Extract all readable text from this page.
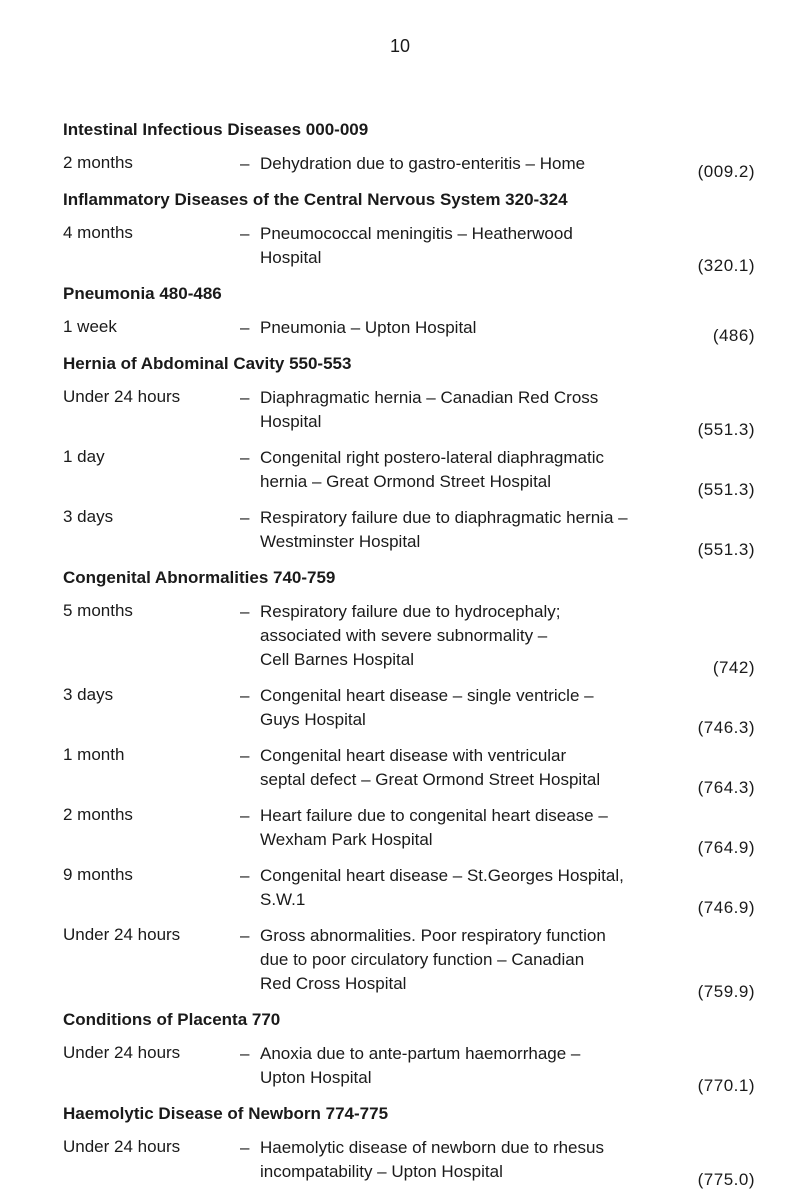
10
Intestinal Infectious Diseases 000-009
2 months	– Dehydration due to gastro-enteritis – Home	(009.2)
Inflammatory Diseases of the Central Nervous System 320-324
4 months	– Pneumococcal meningitis – Heatherwood
Hospital	(320.1)
Pneumonia 480-486
1 week	– Pneumonia – Upton Hospital	(486)
Hernia of Abdominal Cavity 550-553
Under 24 hours	– Diaphragmatic hernia – Canadian Red Cross
Hospital	(551.3)
1 day	– Congenital right postero-lateral diaphragmatic
hernia – Great Ormond Street Hospital	(551.3)
3 days	– Respiratory failure due to diaphragmatic hernia –
Westminster Hospital	(551.3)
Congenital Abnormalities 740-759
5 months	– Respiratory failure due to hydrocephaly;
associated with severe subnormality –
Cell Barnes Hospital	(742)
3 days	– Congenital heart disease – single ventricle –
Guys Hospital	(746.3)
1 month	– Congenital heart disease with ventricular
septal defect – Great Ormond Street Hospital	(764.3)
2 months	– Heart failure due to congenital heart disease –
Wexham Park Hospital	(764.9)
9 months	– Congenital heart disease – St.Georges Hospital,
S.W.1	(746.9)
Under 24 hours	– Gross abnormalities. Poor respiratory function
due to poor circulatory function – Canadian
Red Cross Hospital	(759.9)
Conditions of Placenta 770
Under 24 hours	– Anoxia due to ante-partum haemorrhage –
Upton Hospital	(770.1)
Haemolytic Disease of Newborn 774-775
Under 24 hours	– Haemolytic disease of newborn due to rhesus
incompatability – Upton Hospital	(775.0)
